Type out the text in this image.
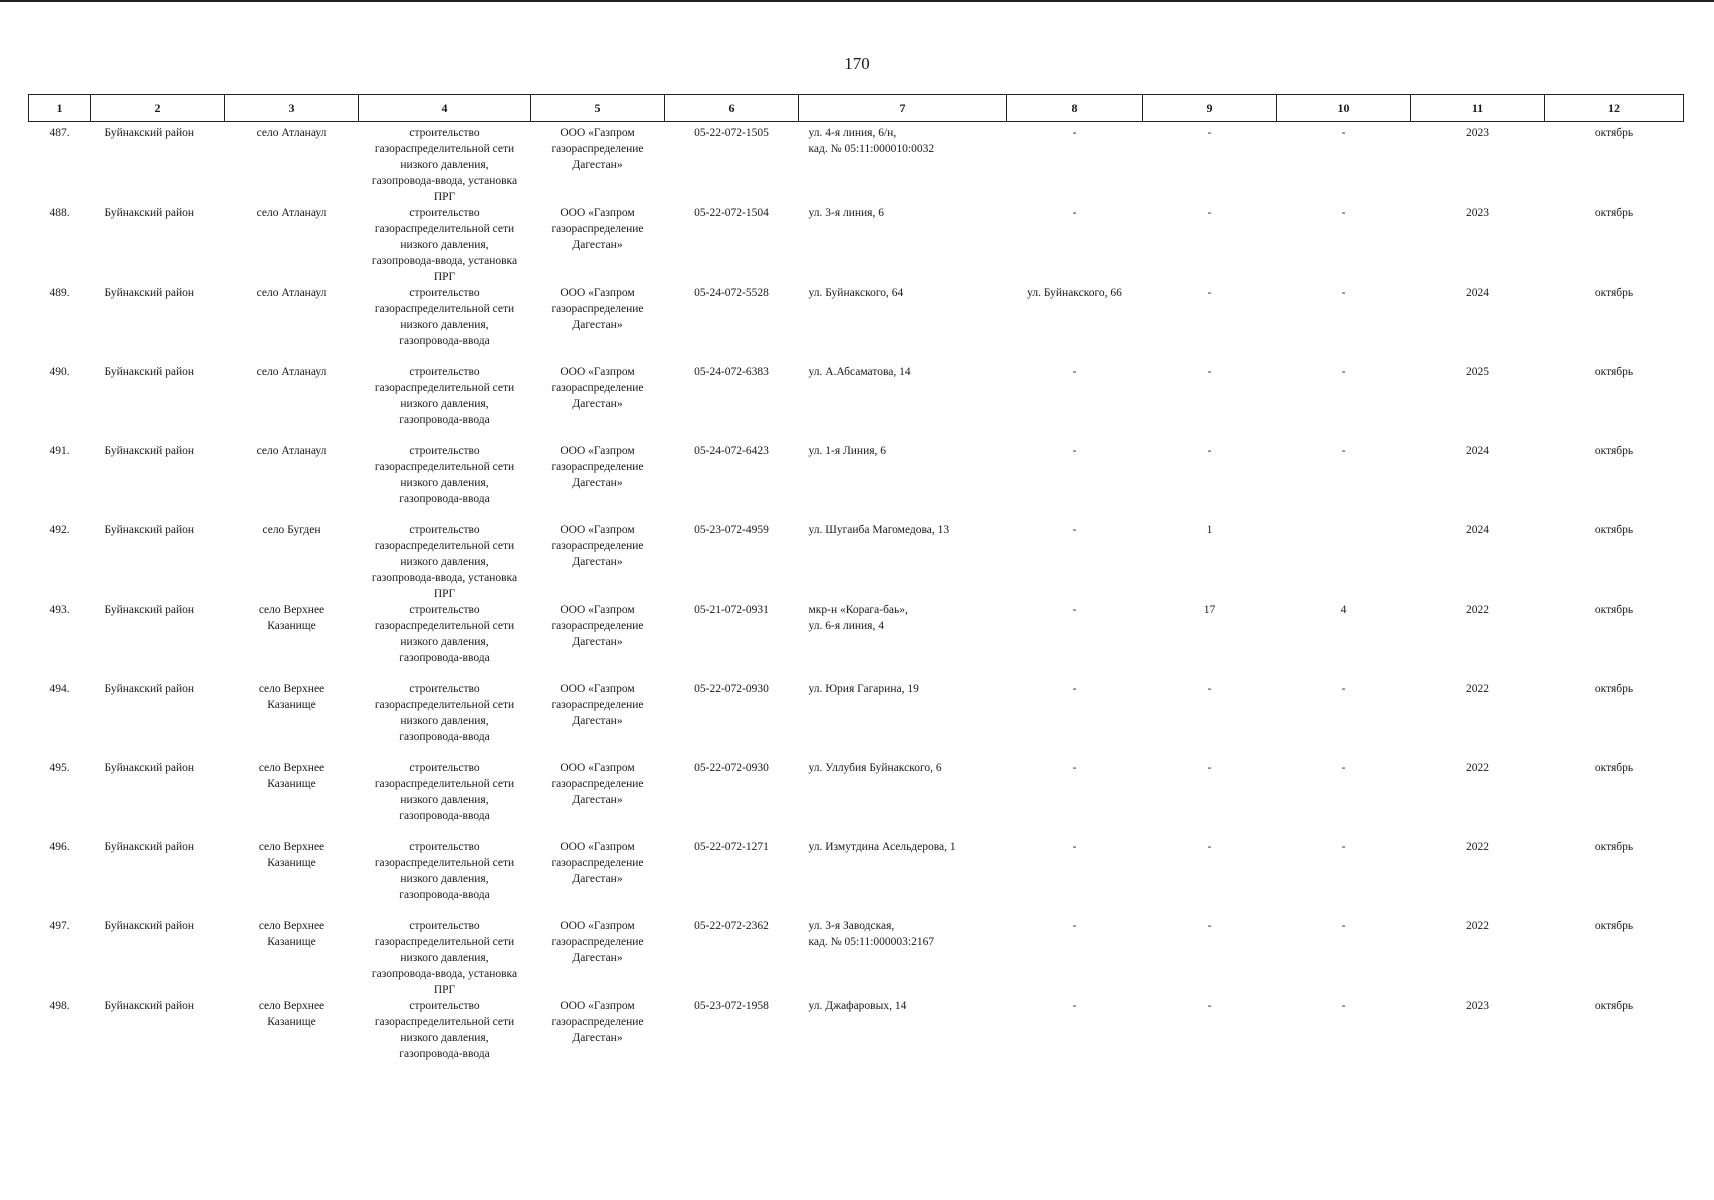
170
1	2	3	4	5	6	7	8	9	10	11	12
487.	Буйнакский район	село Атланаул	строительство
газораспределительной сети
низкого давления,
газопровода-ввода, установка
ПРГ	ООО «Газпром
газораспределение
Дагестан»	05-22-072-1505	ул. 4-я линия, 6/н,
кад. № 05:11:000010:0032	-	-	-	2023	октябрь
488.	Буйнакский район	село Атланаул	строительство
газораспределительной сети
низкого давления,
газопровода-ввода, установка
ПРГ	ООО «Газпром
газораспределение
Дагестан»	05-22-072-1504	ул. 3-я линия, 6	-	-	-	2023	октябрь
489.	Буйнакский район	село Атланаул	строительство
газораспределительной сети
низкого давления,
газопровода-ввода	ООО «Газпром
газораспределение
Дагестан»	05-24-072-5528	ул. Буйнакского, 64	ул. Буйнакского, 66	-	-	2024	октябрь
490.	Буйнакский район	село Атланаул	строительство
газораспределительной сети
низкого давления,
газопровода-ввода	ООО «Газпром
газораспределение
Дагестан»	05-24-072-6383	ул. А.Абсаматова, 14	-	-	-	2025	октябрь
491.	Буйнакский район	село Атланаул	строительство
газораспределительной сети
низкого давления,
газопровода-ввода	ООО «Газпром
газораспределение
Дагестан»	05-24-072-6423	ул. 1-я Линия, 6	-	-	-	2024	октябрь
492.	Буйнакский район	село Бугден	строительство
газораспределительной сети
низкого давления,
газопровода-ввода, установка
ПРГ	ООО «Газпром
газораспределение
Дагестан»	05-23-072-4959	ул. Шугаиба Магомедова, 13	-	1		2024	октябрь
493.	Буйнакский район	село Верхнее
Казанище	строительство
газораспределительной сети
низкого давления,
газопровода-ввода	ООО «Газпром
газораспределение
Дагестан»	05-21-072-0931	мкр-н «Корага-баь»,
ул. 6-я линия, 4	-	17	4	2022	октябрь
494.	Буйнакский район	село Верхнее
Казанище	строительство
газораспределительной сети
низкого давления,
газопровода-ввода	ООО «Газпром
газораспределение
Дагестан»	05-22-072-0930	ул. Юрия Гагарина, 19	-	-	-	2022	октябрь
495.	Буйнакский район	село Верхнее
Казанище	строительство
газораспределительной сети
низкого давления,
газопровода-ввода	ООО «Газпром
газораспределение
Дагестан»	05-22-072-0930	ул. Уллубия Буйнакского, 6	-	-	-	2022	октябрь
496.	Буйнакский район	село Верхнее
Казанище	строительство
газораспределительной сети
низкого давления,
газопровода-ввода	ООО «Газпром
газораспределение
Дагестан»	05-22-072-1271	ул. Измутдина Асельдерова, 1	-	-	-	2022	октябрь
497.	Буйнакский район	село Верхнее
Казанище	строительство
газораспределительной сети
низкого давления,
газопровода-ввода, установка
ПРГ	ООО «Газпром
газораспределение
Дагестан»	05-22-072-2362	ул. 3-я Заводская,
кад. № 05:11:000003:2167	-	-	-	2022	октябрь
498.	Буйнакский район	село Верхнее
Казанище	строительство
газораспределительной сети
низкого давления,
газопровода-ввода	ООО «Газпром
газораспределение
Дагестан»	05-23-072-1958	ул. Джафаровых, 14	-	-	-	2023	октябрь
